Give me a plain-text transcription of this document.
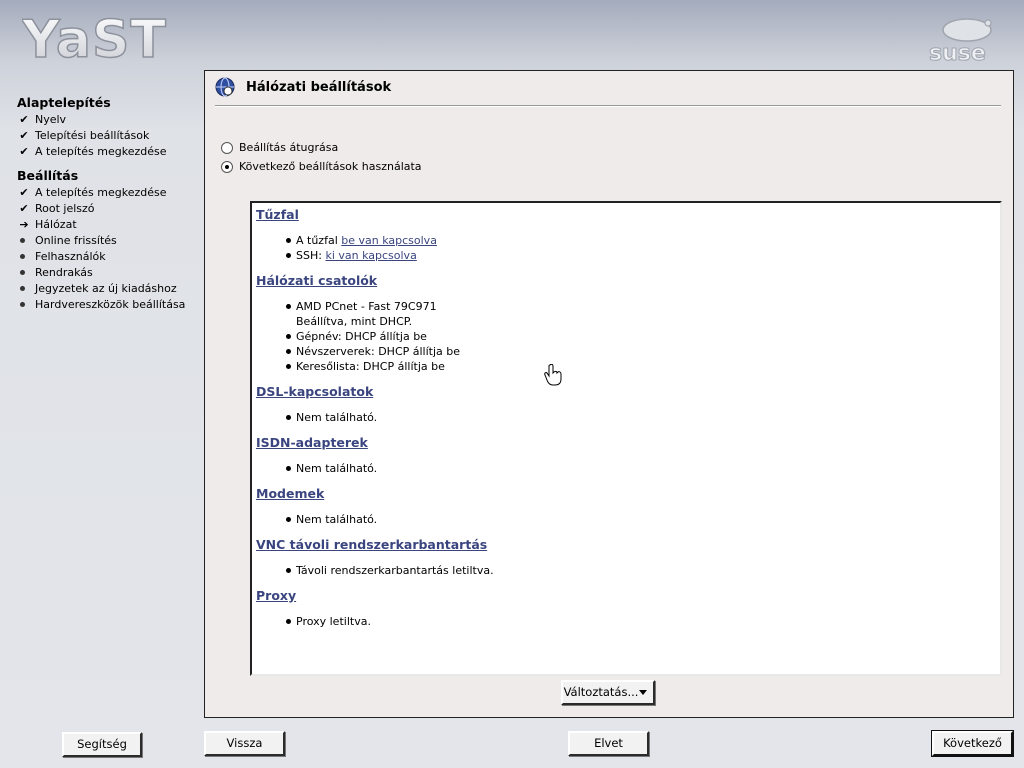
YaST	suse
Alaptelepítés
✔ Nyelv
✔ Telepítési beállítások
✔ A telepítés megkezdése
Beállítás
✔ A telepítés megkezdése
✔ Root jelszó
➔ Hálózat
Online frissítés
Felhasználók
Rendrakás
Jegyzetek az új kiadáshoz
Hardvereszközök beállítása
Hálózati beállítások
Beállítás átugrása
Következő beállítások használata
Tűzfal
A tűzfal be van kapcsolva
SSH: ki van kapcsolva
Hálózati csatolók
AMD PCnet - Fast 79C971
Beállítva, mint DHCP.
Gépnév: DHCP állítja be
Névszerverek: DHCP állítja be
Keresőlista: DHCP állítja be
DSL-kapcsolatok
Nem található.
ISDN-adapterek
Nem található.
Modemek
Nem található.
VNC távoli rendszerkarbantartás
Távoli rendszerkarbantartás letiltva.
Proxy
Proxy letiltva.
Változtatás...
Segítség	Vissza	Elvet	Következő
